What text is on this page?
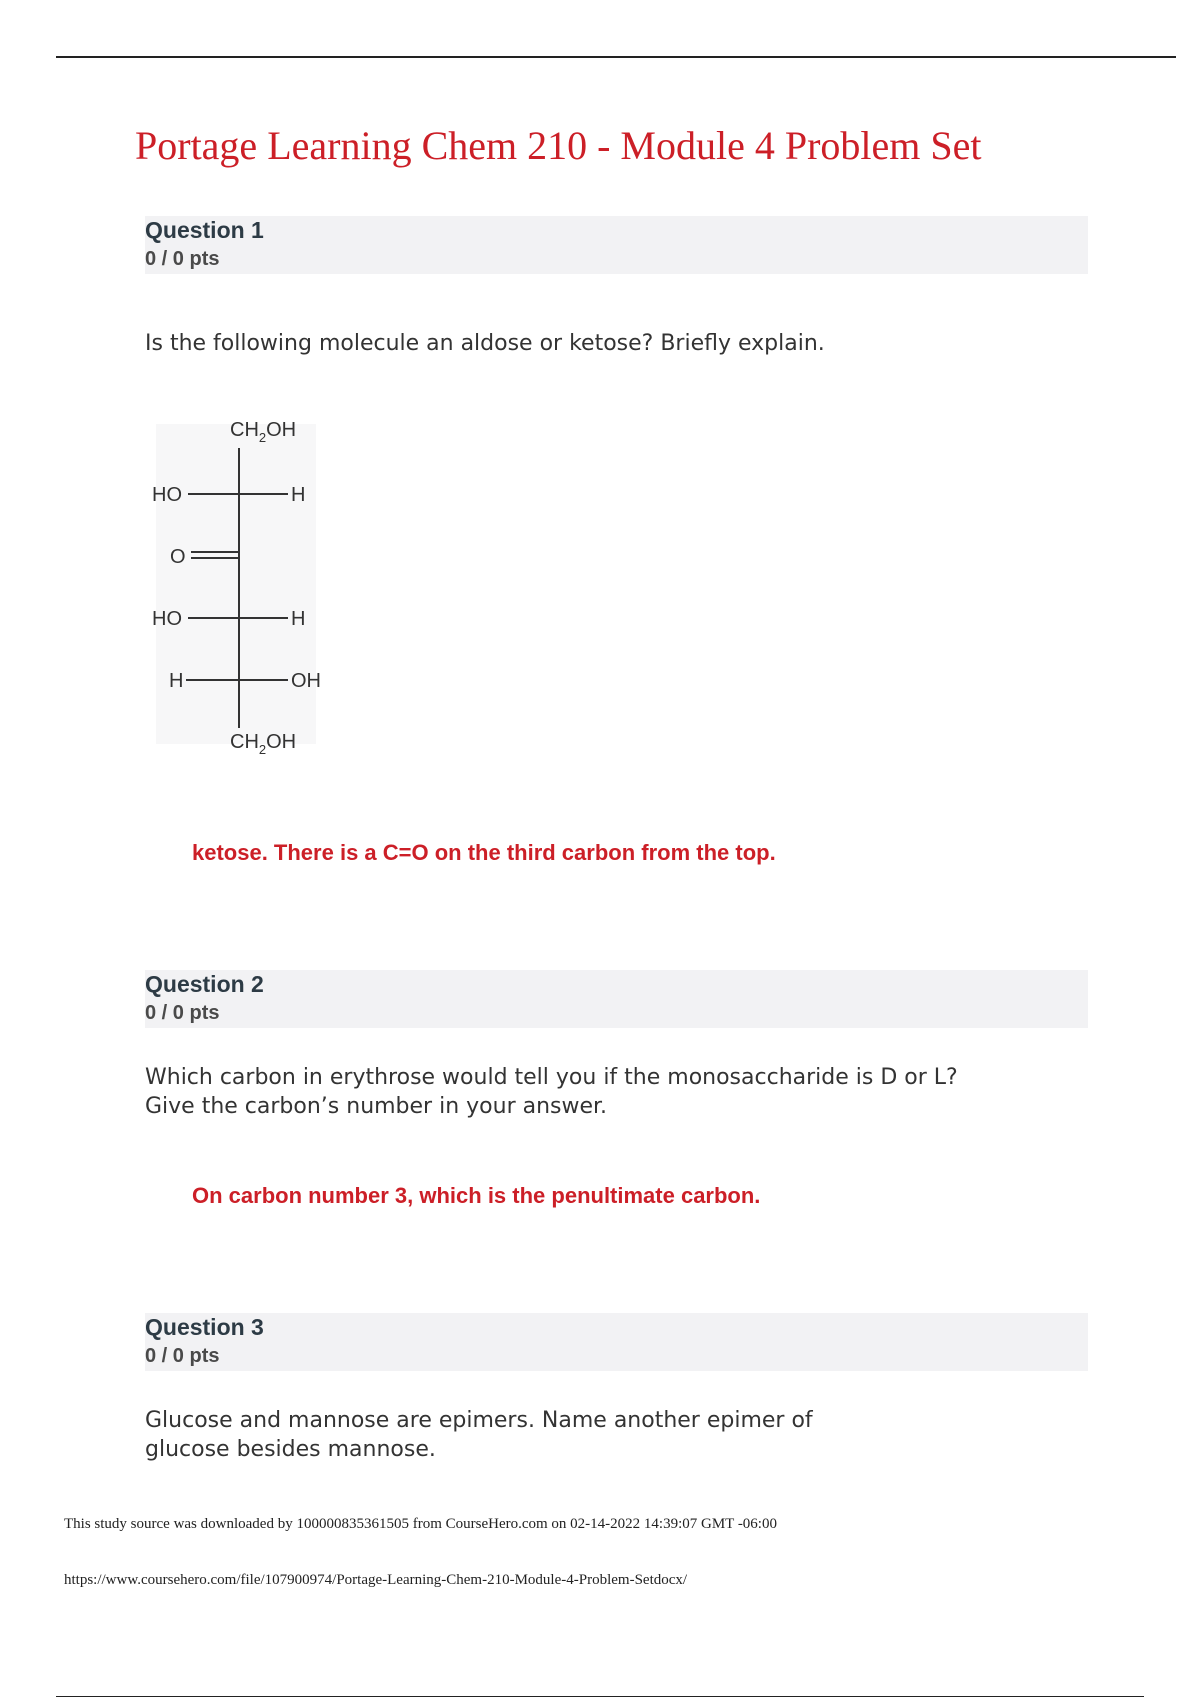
Portage Learning Chem 210 - Module 4 Problem Set
Question 1
0 / 0 pts

Is the following molecule an aldose or ketose? Briefly explain.

$CH_2OH$
HO	H
O
HO	H
H	OH
$CH_2OH$

ketose. There is a C=O on the third carbon from the top.

Question 2
0 / 0 pts
Which carbon in erythrose would tell you if the monosaccharide is D or L?
Give the carbon’s number in your answer.

On carbon number 3, which is the penultimate carbon.

Question 3
0 / 0 pts
Glucose and mannose are epimers. Name another epimer of
glucose besides mannose.

This study source was downloaded by 100000835361505 from CourseHero.com on 02-14-2022 14:39:07 GMT -06:00

https://www.coursehero.com/file/107900974/Portage-Learning-Chem-210-Module-4-Problem-Setdocx/
